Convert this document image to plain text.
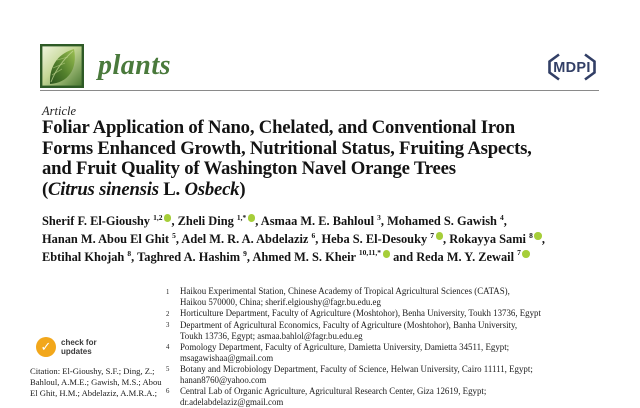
plants	MDPI
Article
Foliar Application of Nano, Chelated, and Conventional Iron
Forms Enhanced Growth, Nutritional Status, Fruiting Aspects,
and Fruit Quality of Washington Navel Orange Trees
(Citrus sinensis L. Osbeck)
Sherif F. El-Gioushy $^{1,2}$ , Zheli Ding $^{1,*}$ , Asmaa M. E. Bahloul $^3$, Mohamed S. Gawish $^4$,
Hanan M. Abou El Ghit $^5$, Adel M. R. A. Abdelaziz $^6$, Heba S. El-Desouky $^7$ , Rokayya Sami $^8$ ,
Ebtihal Khojah $^8$, Taghred A. Hashim $^9$, Ahmed M. S. Kheir $^{10,11,*}$ and Reda M. Y. Zewail $^7$
1	Haikou Experimental Station, Chinese Academy of Tropical Agricultural Sciences (CATAS),
Haikou 570000, China; sherif.elgioushy@fagr.bu.edu.eg
2	Horticulture Department, Faculty of Agriculture (Moshtohor), Benha University, Toukh 13736, Egypt
3	Department of Agricultural Economics, Faculty of Agriculture (Moshtohor), Banha University,
Toukh 13736, Egypt; asmaa.bahlol@fagr.bu.edu.eg
4	Pomology Department, Faculty of Agriculture, Damietta University, Damietta 34511, Egypt;
msagawishaa@gmail.com
5	Botany and Microbiology Department, Faculty of Science, Helwan University, Cairo 11111, Egypt;
hanan8760@yahoo.com
6	Central Lab of Organic Agriculture, Agricultural Research Center, Giza 12619, Egypt;
dr.adelabdelaziz@gmail.com
✓	check for
updates
Citation: El-Gioushy, S.F.; Ding, Z.;
Bahloul, A.M.E.; Gawish, M.S.; Abou
El Ghit, H.M.; Abdelaziz, A.M.R.A.;
